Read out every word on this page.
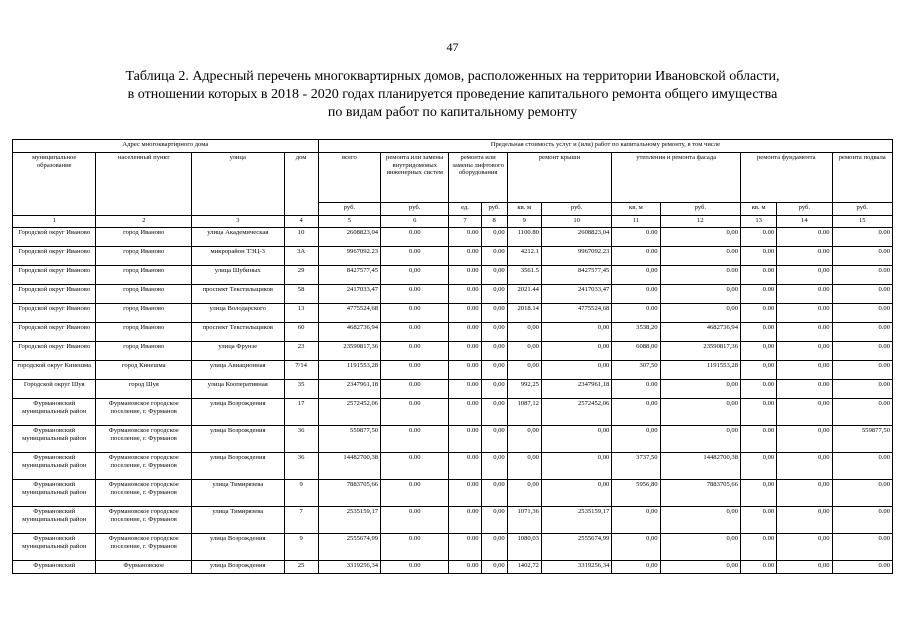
47
Таблица 2. Адресный перечень многоквартирных домов, расположенных на территории Ивановской области,
в отношении которых в 2018 - 2020 годах планируется проведение капитального ремонта общего имущества
по видам работ по капитальному ремонту
Адрес многоквартирного дома				Предельная стоимость услуг и (или) работ по капитальному ремонту, в том числе										
муниципальное образование	населенный пункт	улица	дом	всего	ремонта или замены внутридомовых инженерных систем	ремонта или замены лифтового оборудования		ремонт крыши		утепления и ремонта фасада		ремонта фундамента		ремонта подвала
				руб.	руб.	ед.	руб.	кв. м	руб.	кв. м	руб.	кв. м	руб.	руб.
1	2	3	4	5	6	7	8	9	10	11	12	13	14	15
Городской округ Иваново	город Иваново	улица Академическая	10	2608823,04	0.00	0.00	0,00	1100.80	2608823,04	0.00	0,00	0.00	0.00	0.00
Городской округ Иваново	город Иваново	микрорайон ТЭЦ-3	3А	9967092.23	0.00	0.00	0.00	4212.1	9967092.23	0.00	0.00	0.00	0.00	0.00
Городской округ Иваново	город Иваново	улица Шубиных	29	8427577,45	0,00	0.00	0,00	3561.5	8427577,45	0,00	0.00	0.00	0,00	0.00
Городской округ Иваново	город Иваново	проспект Текстильщиков	58	2417033,47	0.00	0.00	0,00	2021.44	2417033,47	0.00	0,00	0.00	0.00	0.00
Городской округ Иваново	город Иваново	улица Володарского	13	4775524,68	0.00	0.00	0,00	2018.14	4775524,68	0.00	0,00	0.00	0.00	0.00
Городской округ Иваново	город Иваново	проспект Текстильщиков	60	4682736,94	0.00	0.00	0,00	0,00	0,00	3538,20	4682736,94	0.00	0.00	0.00
Городской округ Иваново	город Иваново	улица Фрунзе	23	23590817,36	0.00	0.00	0,00	0,00	0,00	6088,00	23590817,36	0,00	0,00	0.00
городской округ Кинешма	город Кинешма	улица Авиационная	7/14	1191553,28	0.00	0.00	0,00	0,00	0,00	307,50	1191553,28	0,00	0,00	0.00
Городской округ Шуя	город Шуя	улица Кооперативная	35	2347961,18	0.00	0.00	0,00	992,25	2347961,18	0.00	0,00	0.00	0.00	0.00
Фурмановский муниципальный район	Фурмановское городское поселение, г. Фурманов	улица Возрождения	17	2572452,06	0.00	0.00	0,00	1087,12	2572452,06	0,00	0,00	0.00	0,00	0.00
Фурмановский муниципальный район	Фурмановское городское поселение, г. Фурманов	улица Возрождения	36	559877,50	0.00	0.00	0,00	0,00	0,00	0,00	0,00	0.00	0,00	559877,50
Фурмановский муниципальный район	Фурмановское городское поселение, г. Фурманов	улица Возрождения	36	14482700,38	0.00	0.00	0,00	0,00	0,00	3737,50	14482700,38	0,00	0,00	0.00
Фурмановский муниципальный район	Фурмановское городское поселение, г. Фурманов	улица Тимирязева	9	7883705,66	0.00	0.00	0,00	0,00	0,00	5956,80	7883705,66	0,00	0,00	0.00
Фурмановский муниципальный район	Фурмановское городское поселение, г. Фурманов	улица Тимирязева	7	2535159,17	0.00	0.00	0,00	1071,36	2535159,17	0,00	0,00	0.00	0,00	0.00
Фурмановский муниципальный район	Фурмановское городское поселение, г. Фурманов	улица Возрождения	9	2555674,99	0.00	0.00	0,00	1080,03	2555674,99	0,00	0,00	0.00	0,00	0.00
Фурмановский	Фурмановское	улица Возрождения	25	3319256,34	0.00	0.00	0,00	1402,72	3319256,34	0,00	0,00	0.00	0,00	0.00
